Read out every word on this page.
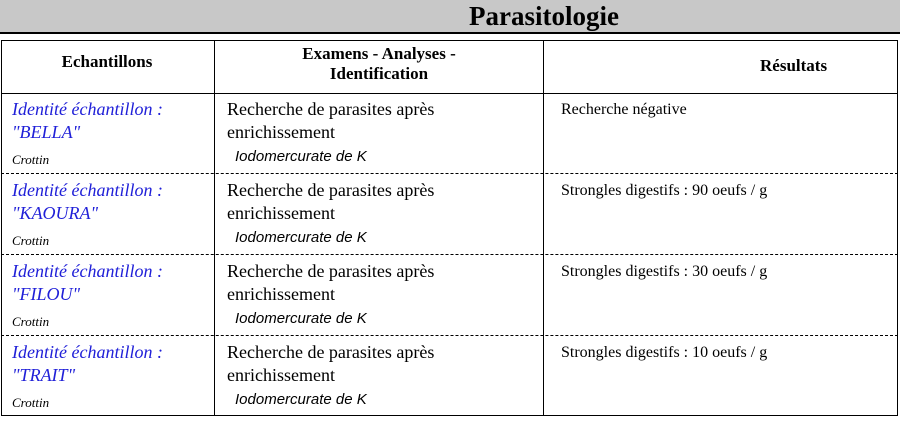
Parasitologie
Echantillons	Examens - Analyses -
Identification	Résultats
Identité échantillon :
"BELLA"
Crottin
Recherche de parasites après
enrichissement
Iodomercurate de K
Recherche négative
Identité échantillon :
"KAOURA"
Crottin
Recherche de parasites après
enrichissement
Iodomercurate de K
Strongles digestifs : 90 oeufs / g
Identité échantillon :
"FILOU"
Crottin
Recherche de parasites après
enrichissement
Iodomercurate de K
Strongles digestifs : 30 oeufs / g
Identité échantillon :
"TRAIT"
Crottin
Recherche de parasites après
enrichissement
Iodomercurate de K
Strongles digestifs : 10 oeufs / g
